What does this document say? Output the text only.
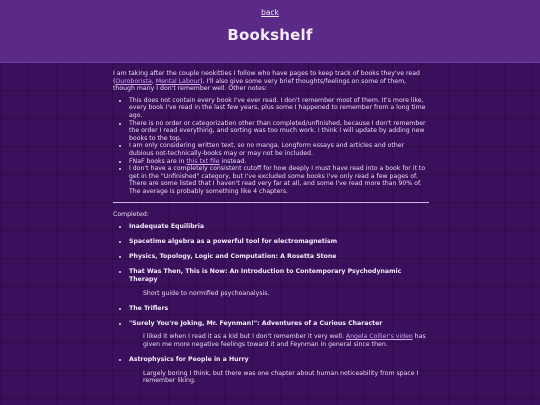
back
Bookshelf

I am taking after the couple neokitties I follow who have pages to keep track of books they've read (Ouroborista, Mental Labour). I'll also give some very brief thoughts/feelings on some of them, though many I don't remember well. Other notes:

• This does not contain every book I've ever read. I don't remember most of them. It's more like, every book I've read in the last few years, plus some I happened to remember from a long time ago.
• There is no order or categorization other than completed/unfinished, because I don't remember the order I read everything, and sorting was too much work. I think I will update by adding new books to the top.
• I am only considering written text, so no manga. Longform essays and articles and other dubious not-technically-books may or may not be included.
• FNaF books are in this txt file instead.
• I don't have a completely consistent cutoff for how deeply I must have read into a book for it to get in the "Unfinished" category, but I've excluded some books I've only read a few pages of. There are some listed that I haven't read very far at all, and some I've read more than 90% of. The average is probably something like 4 chapters.

Completed:

• Inadequate Equilibria
• Spacetime algebra as a powerful tool for electromagnetism
• Physics, Topology, Logic and Computation: A Rosetta Stone
• That Was Then, This is Now: An Introduction to Contemporary Psychodynamic Therapy
Short guide to normified psychoanalysis.
• The Triflers
• "Surely You're Joking, Mr. Feynman!": Adventures of a Curious Character
I liked it when I read it as a kid but I don't remember it very well. Angela Collier's video has given me more negative feelings toward it and Feynman in general since then.
• Astrophysics for People in a Hurry
Largely boring I think, but there was one chapter about human noticeability from space I remember liking.
